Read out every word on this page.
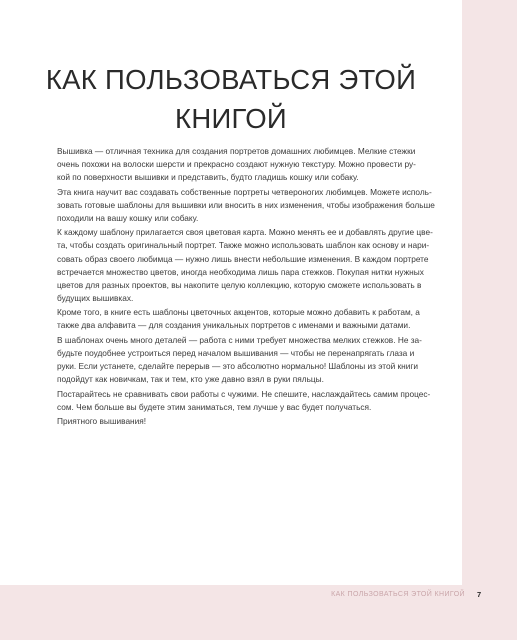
КАК ПОЛЬЗОВАТЬСЯ ЭТОЙ
КНИГОЙ

Вышивка — отличная техника для создания портретов домашних любимцев. Мелкие стежки
очень похожи на волоски шерсти и прекрасно создают нужную текстуру. Можно провести ру-
кой по поверхности вышивки и представить, будто гладишь кошку или собаку.

Эта книга научит вас создавать собственные портреты четвероногих любимцев. Можете исполь-
зовать готовые шаблоны для вышивки или вносить в них изменения, чтобы изображения больше
походили на вашу кошку или собаку.

К каждому шаблону прилагается своя цветовая карта. Можно менять ее и добавлять другие цве-
та, чтобы создать оригинальный портрет. Также можно использовать шаблон как основу и нари-
совать образ своего любимца — нужно лишь внести небольшие изменения. В каждом портрете
встречается множество цветов, иногда необходима лишь пара стежков. Покупая нитки нужных
цветов для разных проектов, вы накопите целую коллекцию, которую сможете использовать в
будущих вышивках.

Кроме того, в книге есть шаблоны цветочных акцентов, которые можно добавить к работам, а
также два алфавита — для создания уникальных портретов с именами и важными датами.

В шаблонах очень много деталей — работа с ними требует множества мелких стежков. Не за-
будьте поудобнее устроиться перед началом вышивания — чтобы не перенапрягать глаза и
руки. Если устанете, сделайте перерыв — это абсолютно нормально! Шаблоны из этой книги
подойдут как новичкам, так и тем, кто уже давно взял в руки пяльцы.

Постарайтесь не сравнивать свои работы с чужими. Не спешите, наслаждайтесь самим процес-
сом. Чем больше вы будете этим заниматься, тем лучше у вас будет получаться.

Приятного вышивания!

КАК ПОЛЬЗОВАТЬСЯ ЭТОЙ КНИГОЙ 7
